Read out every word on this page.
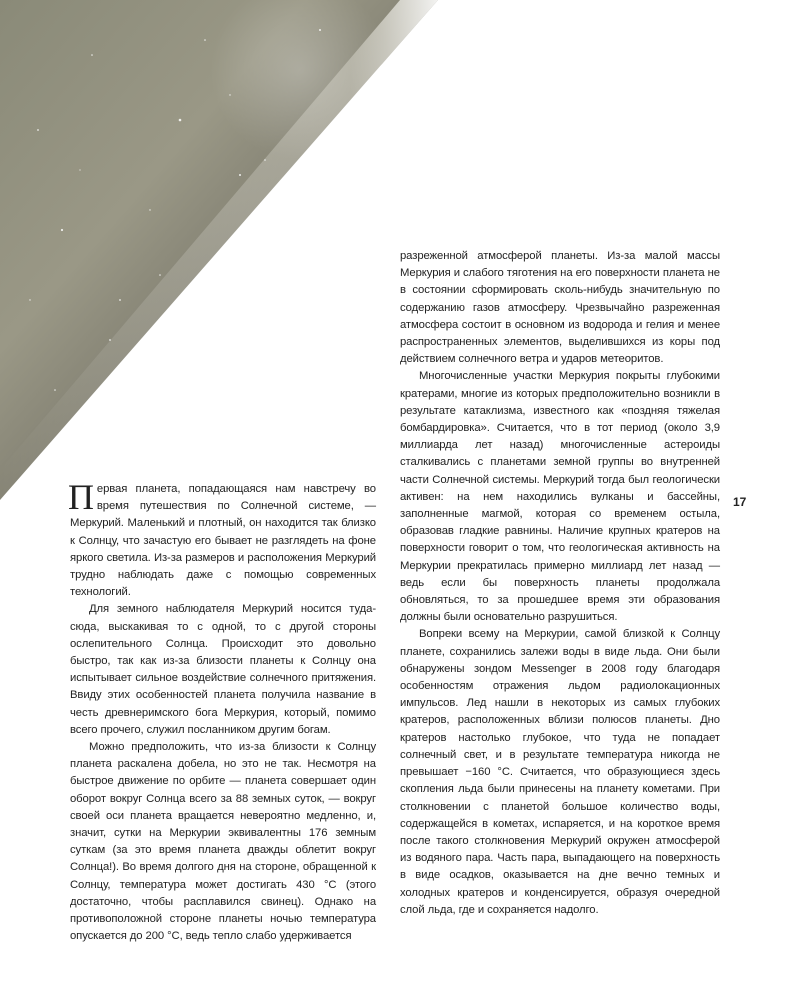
Первая планета, попадающаяся нам навстречу во время путешествия по Солнечной системе, — Меркурий. Маленький и плотный, он находится так близко к Солнцу, что зачастую его бывает не разглядеть на фоне яркого светила. Из-за размеров и расположения Меркурий трудно наблюдать даже с помощью современных технологий.

Для земного наблюдателя Меркурий носится туда-сюда, выскакивая то с одной, то с другой стороны ослепительного Солнца. Происходит это довольно быстро, так как из-за близости планеты к Солнцу она испытывает сильное воздействие солнечного притяжения. Ввиду этих особенностей планета получила название в честь древнеримского бога Меркурия, который, помимо всего прочего, служил посланником другим богам.

Можно предположить, что из-за близости к Солнцу планета раскалена добела, но это не так. Несмотря на быстрое движение по орбите — планета совершает один оборот вокруг Солнца всего за 88 земных суток, — вокруг своей оси планета вращается невероятно медленно, и, значит, сутки на Меркурии эквивалентны 176 земным суткам (за это время планета дважды облетит вокруг Солнца!). Во время долгого дня на стороне, обращенной к Солнцу, температура может достигать 430 °С (этого достаточно, чтобы расплавился свинец). Однако на противоположной стороне планеты ночью температура опускается до 200 °С, ведь тепло слабо удерживается

разреженной атмосферой планеты. Из-за малой массы Меркурия и слабого тяготения на его поверхности планета не в состоянии сформировать сколь-нибудь значительную по содержанию газов атмосферу. Чрезвычайно разреженная атмосфера состоит в основном из водорода и гелия и менее распространенных элементов, выделившихся из коры под действием солнечного ветра и ударов метеоритов.

Многочисленные участки Меркурия покрыты глубокими кратерами, многие из которых предположительно возникли в результате катаклизма, известного как «поздняя тяжелая бомбардировка». Считается, что в тот период (около 3,9 миллиарда лет назад) многочисленные астероиды сталкивались с планетами земной группы во внутренней части Солнечной системы. Меркурий тогда был геологически активен: на нем находились вулканы и бассейны, заполненные магмой, которая со временем остыла, образовав гладкие равнины. Наличие крупных кратеров на поверхности говорит о том, что геологическая активность на Меркурии прекратилась примерно миллиард лет назад — ведь если бы поверхность планеты продолжала обновляться, то за прошедшее время эти образования должны были основательно разрушиться.

Вопреки всему на Меркурии, самой близкой к Солнцу планете, сохранились залежи воды в виде льда. Они были обнаружены зондом Messenger в 2008 году благодаря особенностям отражения льдом радиолокационных импульсов. Лед нашли в некоторых из самых глубоких кратеров, расположенных вблизи полюсов планеты. Дно кратеров настолько глубокое, что туда не попадает солнечный свет, и в результате температура никогда не превышает −160 °С. Считается, что образующиеся здесь скопления льда были принесены на планету кометами. При столкновении с планетой большое количество воды, содержащейся в кометах, испаряется, и на короткое время после такого столкновения Меркурий окружен атмосферой из водяного пара. Часть пара, выпадающего на поверхность в виде осадков, оказывается на дне вечно темных и холодных кратеров и конденсируется, образуя очередной слой льда, где и сохраняется надолго.

17
